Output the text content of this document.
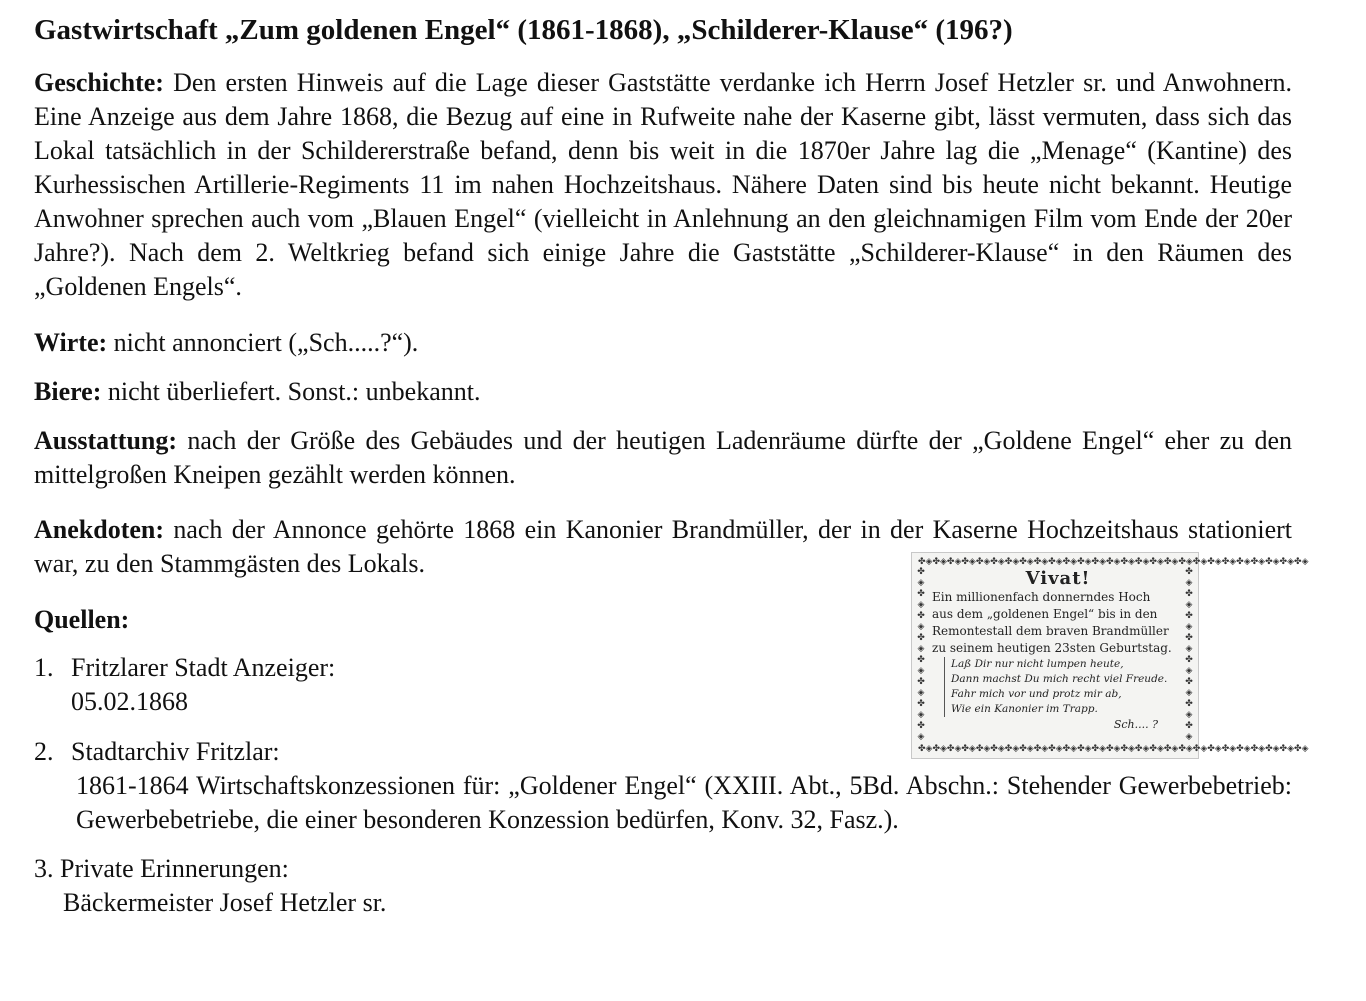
Gastwirtschaft „Zum goldenen Engel“ (1861-1868), „Schilderer-Klause“ (196?)

Geschichte: Den ersten Hinweis auf die Lage dieser Gaststätte verdanke ich Herrn Josef Hetzler sr. und Anwohnern. Eine Anzeige aus dem Jahre 1868, die Bezug auf eine in Rufweite nahe der Kaserne gibt, lässt vermuten, dass sich das Lokal tatsächlich in der Schildererstraße befand, denn bis weit in die 1870er Jahre lag die „Menage“ (Kantine) des Kurhessischen Artillerie-Regiments 11 im nahen Hochzeitshaus. Nähere Daten sind bis heute nicht bekannt. Heutige Anwohner sprechen auch vom „Blauen Engel“ (vielleicht in Anlehnung an den gleichnamigen Film vom Ende der 20er Jahre?). Nach dem 2. Weltkrieg befand sich einige Jahre die Gaststätte „Schilderer-Klause“ in den Räumen des „Goldenen Engels“.

Wirte: nicht annonciert („Sch.....?“).

Biere: nicht überliefert. Sonst.: unbekannt.

Ausstattung: nach der Größe des Gebäudes und der heutigen Ladenräume dürfte der „Goldene Engel“ eher zu den mittelgroßen Kneipen gezählt werden können.

Anekdoten: nach der Annonce gehörte 1868 ein Kanonier Brandmüller, der in der Kaserne Hochzeitshaus stationiert war, zu den Stammgästen des Lokals.

Quellen:

1. Fritzlarer Stadt Anzeiger:
05.02.1868
2. Stadtarchiv Fritzlar:
1861-1864 Wirtschaftskonzessionen für: „Goldener Engel“ (XXIII. Abt., 5Bd. Abschn.: Stehender Gewerbebetrieb: Gewerbebetriebe, die einer besonderen Konzession bedürfen, Konv. 32, Fasz.).
3. Private Erinnerungen:
Bäckermeister Josef Hetzler sr.
✤◈✤◈✤◈✤◈✤◈✤◈✤◈✤◈✤◈✤◈✤◈✤◈✤◈✤◈✤◈✤◈✤◈✤◈✤◈✤◈✤◈✤◈✤◈✤◈✤◈✤◈✤◈
✤◈✤◈✤◈✤◈✤◈✤◈✤◈✤◈✤◈✤◈✤◈✤◈✤◈✤◈✤◈✤◈✤◈✤◈✤◈✤◈✤◈✤◈✤◈✤◈✤◈✤◈✤◈
✤
◈
✤
◈
✤
◈
✤
◈
✤
◈
✤
◈
✤
◈
✤
◈
✤
◈
✤
◈
✤
◈
✤
◈
✤
◈
✤
◈
✤
◈
✤
◈
Vivat!
Ein millionenfach donnerndes Hoch
aus dem „goldenen Engel“ bis in den
Remontestall dem braven Brandmüller
zu seinem heutigen 23sten Geburtstag.
Laß Dir nur nicht lumpen heute,
Dann machst Du mich recht viel Freude.
Fahr mich vor und protz mir ab,
Wie ein Kanonier im Trapp.
Sch.... ?
